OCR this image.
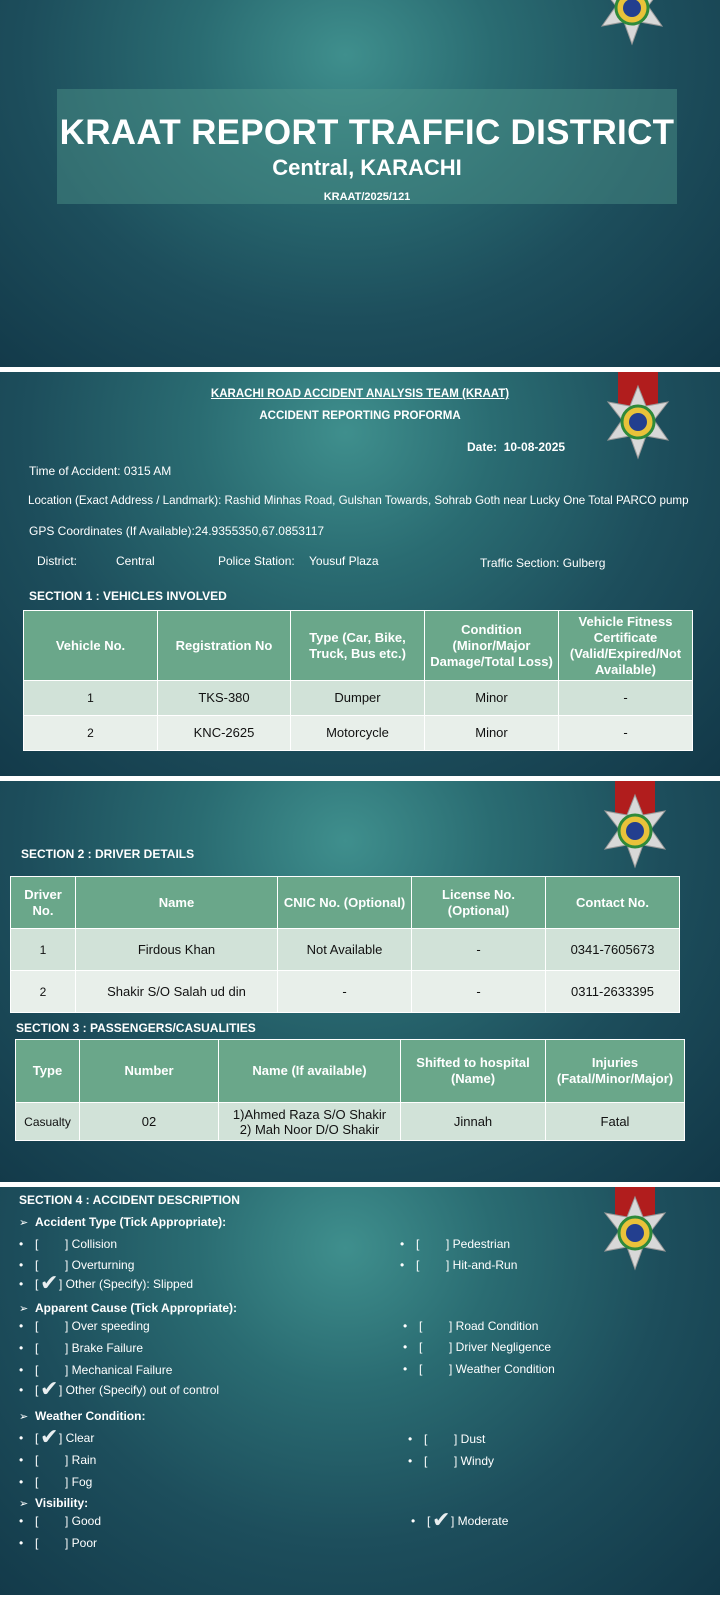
KRAAT REPORT TRAFFIC DISTRICT
Central, KARACHI
KRAAT/2025/121
KARACHI ROAD ACCIDENT ANALYSIS TEAM (KRAAT)
ACCIDENT REPORTING PROFORMA
Date: 10-08-2025
Time of Accident: 0315 AM
Location (Exact Address / Landmark): Rashid Minhas Road, Gulshan Towards, Sohrab Goth near Lucky One Total PARCO pump
GPS Coordinates (If Available):24.9355350,67.0853117
District:	Central	Police Station: Yousuf Plaza	Traffic Section: Gulberg
SECTION 1 : VEHICLES INVOLVED
Vehicle No.	Registration No	Type (Car, Bike, Truck, Bus etc.)	Condition (Minor/Major Damage/Total Loss)	Vehicle Fitness Certificate (Valid/Expired/Not Available)
1	TKS-380	Dumper	Minor	-
2	KNC-2625	Motorcycle	Minor	-
SECTION 2 : DRIVER DETAILS
Driver No.	Name	CNIC No. (Optional)	License No. (Optional)	Contact No.
1	Firdous Khan	Not Available	-	0341-7605673
2	Shakir S/O Salah ud din	-	-	0311-2633395
SECTION 3 : PASSENGERS/CASUALITIES
Type	Number	Name (If available)	Shifted to hospital (Name)	Injuries (Fatal/Minor/Major)
Casualty	02	1)Ahmed Raza S/O Shakir
2) Mah Noor D/O Shakir	Jinnah	Fatal
SECTION 4 : ACCIDENT DESCRIPTION
➢ Accident Type (Tick Appropriate):
• [ ] Collision
• [ ] Overturning
• [ ✔ ] Other (Specify): Slipped
• [ ] Pedestrian
• [ ] Hit-and-Run
➢ Apparent Cause (Tick Appropriate):
• [ ] Over speeding
• [ ] Brake Failure
• [ ] Mechanical Failure
• [ ✔ ] Other (Specify) out of control
• [ ] Road Condition
• [ ] Driver Negligence
• [ ] Weather Condition
➢ Weather Condition:
• [ ✔ ] Clear
• [ ] Rain
• [ ] Fog
• [ ] Dust
• [ ] Windy
➢ Visibility:
• [ ] Good
• [ ] Poor
• [ ✔ ] Moderate
